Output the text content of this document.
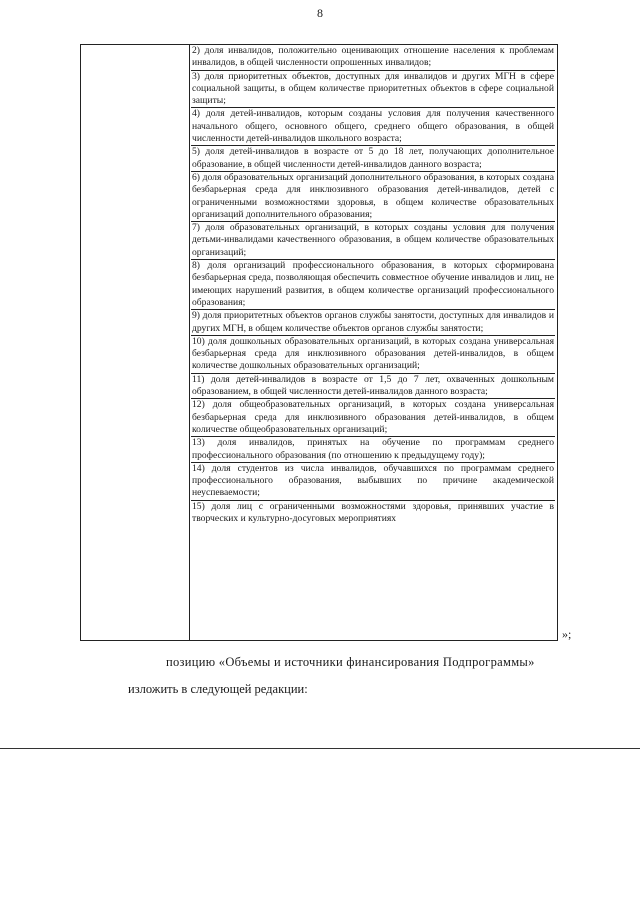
8
2) доля инвалидов, положительно оценивающих отношение населения к проблемам инвалидов, в общей численности опрошенных инвалидов;
3) доля приоритетных объектов, доступных для инвалидов и других МГН в сфере социальной защиты, в общем количестве приоритетных объектов в сфере социальной защиты;
4) доля детей-инвалидов, которым созданы условия для получения качественного начального общего, основного общего, среднего общего образования, в общей численности детей-инвалидов школьного возраста;
5) доля детей-инвалидов в возрасте от 5 до 18 лет, получающих дополнительное образование, в общей численности детей-инвалидов данного возраста;
6) доля образовательных организаций дополнительного образования, в которых создана безбарьерная среда для инклюзивного образования детей-инвалидов, детей с ограниченными возможностями здоровья, в общем количестве образовательных организаций дополнительного образования;
7) доля образовательных организаций, в которых созданы условия для получения детьми-инвалидами качественного образования, в общем количестве образовательных организаций;
8) доля организаций профессионального образования, в которых сформирована безбарьерная среда, позволяющая обеспечить совместное обучение инвалидов и лиц, не имеющих нарушений развития, в общем количестве организаций профессионального образования;
9) доля приоритетных объектов органов службы занятости, доступных для инвалидов и других МГН, в общем количестве объектов органов службы занятости;
10) доля дошкольных образовательных организаций, в которых создана универсальная безбарьерная среда для инклюзивного образования детей-инвалидов, в общем количестве дошкольных образовательных организаций;
11) доля детей-инвалидов в возрасте от 1,5 до 7 лет, охваченных дошкольным образованием, в общей численности детей-инвалидов данного возраста;
12) доля общеобразовательных организаций, в которых создана универсальная безбарьерная среда для инклюзивного образования детей-инвалидов, в общем количестве общеобразовательных организаций;
13) доля инвалидов, принятых на обучение по программам среднего профессионального образования (по отношению к предыдущему году);
14) доля студентов из числа инвалидов, обучавшихся по программам среднего профессионального образования, выбывших по причине академической неуспеваемости;
15) доля лиц с ограниченными возможностями здоровья, принявших участие в творческих и культурно-досуговых мероприятиях
»;
позицию «Объемы и источники финансирования Подпрограммы»
изложить в следующей редакции:
